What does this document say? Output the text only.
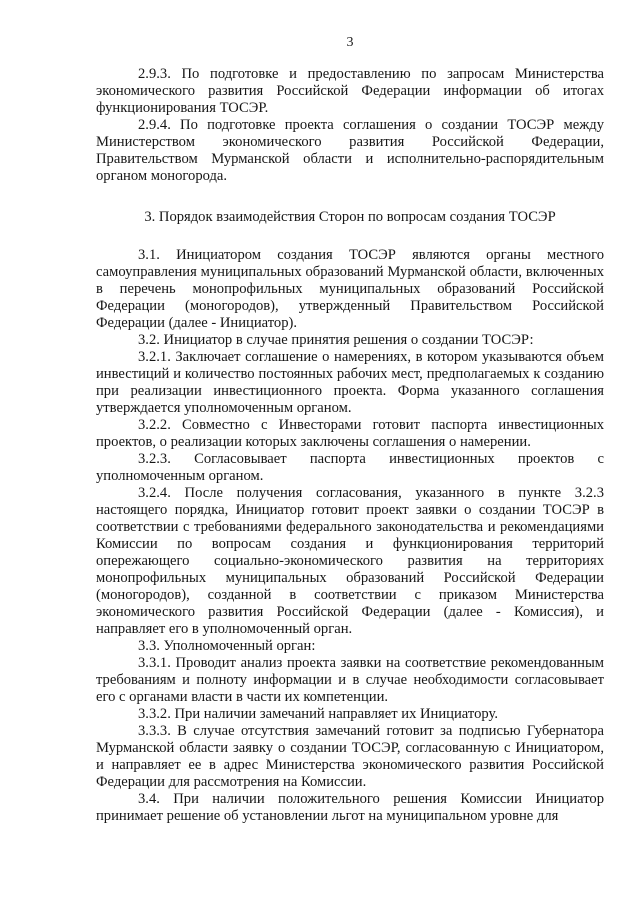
3

2.9.3. По подготовке и предоставлению по запросам Министерства экономического развития Российской Федерации информации об итогах функционирования ТОСЭР.

2.9.4. По подготовке проекта соглашения о создании ТОСЭР между Министерством экономического развития Российской Федерации, Правительством Мурманской области и исполнительно-распорядительным органом моногорода.

3. Порядок взаимодействия Сторон по вопросам создания ТОСЭР

3.1. Инициатором создания ТОСЭР являются органы местного самоуправления муниципальных образований Мурманской области, включенных в перечень монопрофильных муниципальных образований Российской Федерации (моногородов), утвержденный Правительством Российской Федерации (далее - Инициатор).

3.2. Инициатор в случае принятия решения о создании ТОСЭР:

3.2.1. Заключает соглашение о намерениях, в котором указываются объем инвестиций и количество постоянных рабочих мест, предполагаемых к созданию при реализации инвестиционного проекта. Форма указанного соглашения утверждается уполномоченным органом.

3.2.2. Совместно с Инвесторами готовит паспорта инвестиционных проектов, о реализации которых заключены соглашения о намерении.

3.2.3. Согласовывает паспорта инвестиционных проектов с уполномоченным органом.

3.2.4. После получения согласования, указанного в пункте 3.2.3 настоящего порядка, Инициатор готовит проект заявки о создании ТОСЭР в соответствии с требованиями федерального законодательства и рекомендациями Комиссии по вопросам создания и функционирования территорий опережающего социально-экономического развития на территориях монопрофильных муниципальных образований Российской Федерации (моногородов), созданной в соответствии с приказом Министерства экономического развития Российской Федерации (далее - Комиссия), и направляет его в уполномоченный орган.

3.3. Уполномоченный орган:

3.3.1. Проводит анализ проекта заявки на соответствие рекомендованным требованиям и полноту информации и в случае необходимости согласовывает его с органами власти в части их компетенции.

3.3.2. При наличии замечаний направляет их Инициатору.

3.3.3. В случае отсутствия замечаний готовит за подписью Губернатора Мурманской области заявку о создании ТОСЭР, согласованную с Инициатором, и направляет ее в адрес Министерства экономического развития Российской Федерации для рассмотрения на Комиссии.

3.4. При наличии положительного решения Комиссии Инициатор принимает решение об установлении льгот на муниципальном уровне для
